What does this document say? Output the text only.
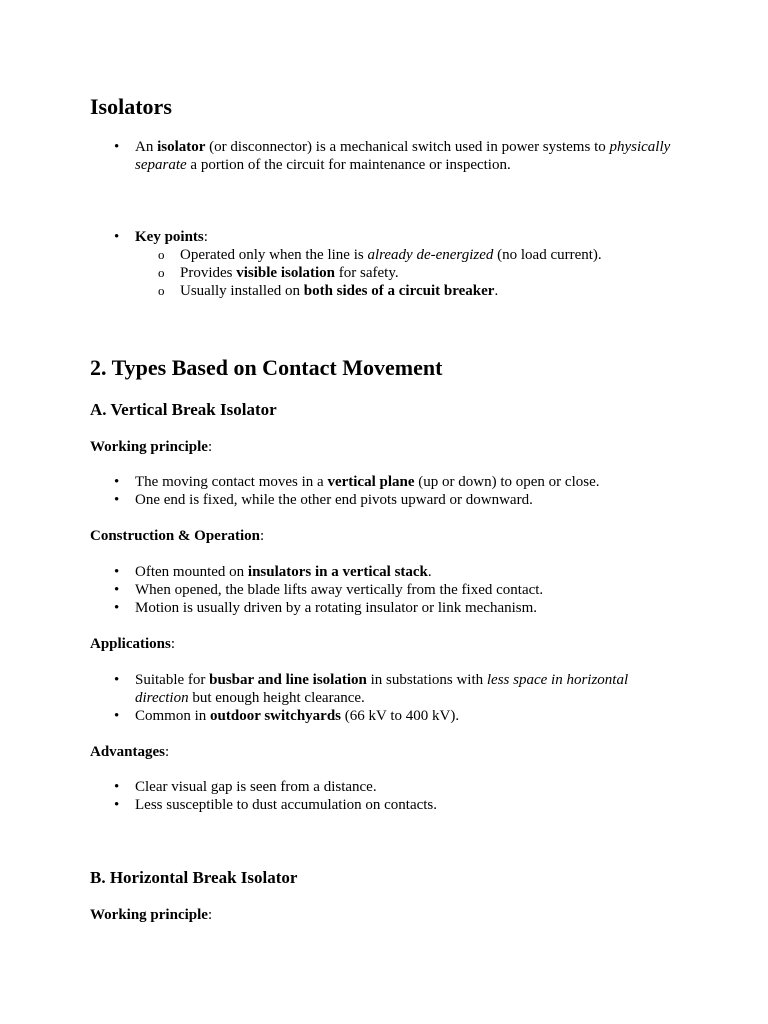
Isolators
• An isolator (or disconnector) is a mechanical switch used in power systems to physically
separate a portion of the circuit for maintenance or inspection.
• Key points:
o Operated only when the line is already de-energized (no load current).
o Provides visible isolation for safety.
o Usually installed on both sides of a circuit breaker.
2. Types Based on Contact Movement
A. Vertical Break Isolator

Working principle:

• The moving contact moves in a vertical plane (up or down) to open or close.
• One end is fixed, while the other end pivots upward or downward.

Construction & Operation:

• Often mounted on insulators in a vertical stack.
• When opened, the blade lifts away vertically from the fixed contact.
• Motion is usually driven by a rotating insulator or link mechanism.

Applications:

• Suitable for busbar and line isolation in substations with less space in horizontal
direction but enough height clearance.
• Common in outdoor switchyards (66 kV to 400 kV).

Advantages:

• Clear visual gap is seen from a distance.
• Less susceptible to dust accumulation on contacts.
B. Horizontal Break Isolator

Working principle:
